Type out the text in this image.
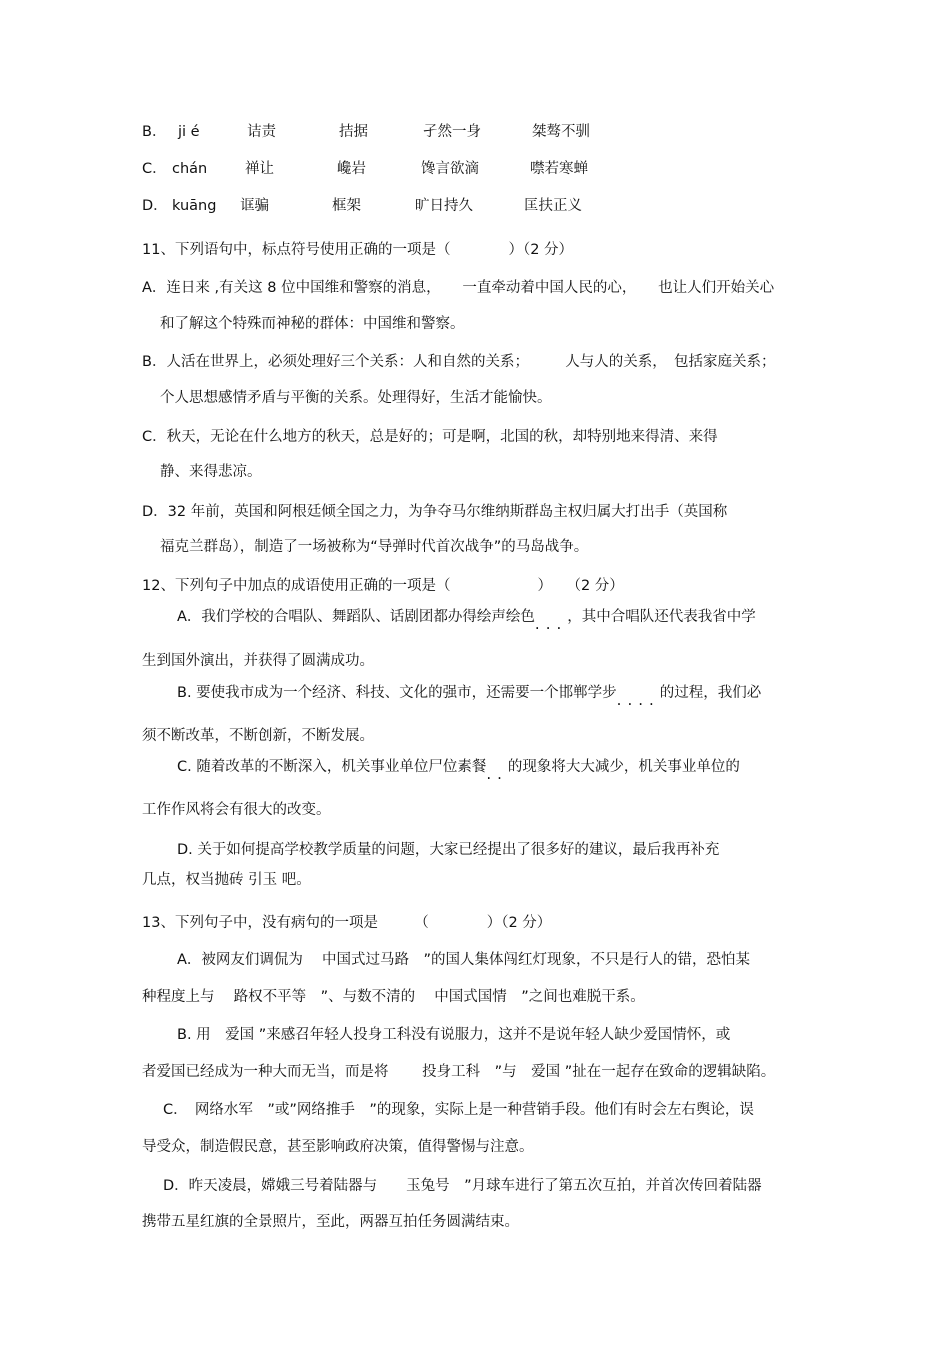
B． ji é	诘责	拮据	孑然一身	桀骜不驯
C． chán	禅让	巉岩	馋言欲滴	噤若寒蝉
D． kuāng 诓骗	框架	旷日持久	匡扶正义
11、下列语句中，标点符号使用正确的一项是（　　　　）（2 分）
A．连日来 ,有关这 8 位中国维和警察的消息，　　一直牵动着中国人民的心，　　也让人们开始关心
和了解这个特殊而神秘的群体：中国维和警察。
B．人活在世界上，必须处理好三个关系：人和自然的关系；　　　人与人的关系，　包括家庭关系；
个人思想感情矛盾与平衡的关系。处理得好，生活才能愉快。
C．秋天，无论在什么地方的秋天，总是好的；可是啊，北国的秋，却特别地来得清、来得
静、来得悲凉。
D．32 年前，英国和阿根廷倾全国之力，为争夺马尔维纳斯群岛主权归属大打出手（英国称
福克兰群岛），制造了一场被称为“导弹时代首次战争”的马岛战争。
12、下列句子中加点的成语使用正确的一项是（　　　　　　）　　（2 分）
A．我们学校的合唱队、舞蹈队、话剧团都办得绘声绘色...，其中合唱队还代表我省中学
生到国外演出，并获得了圆满成功。
B. 要使我市成为一个经济、科技、文化的强市，还需要一个邯郸学步....的过程，我们必
须不断改革，不断创新，不断发展。
C. 随着改革的不断深入，机关事业单位尸位素餐..的现象将大大减少，机关事业单位的
工作作风将会有很大的改变。
D. 关于如何提高学校教学质量的问题，大家已经提出了很多好的建议，最后我再补充
几点，权当抛砖 引玉 吧。
13、下列句子中，没有病句的一项是　　　（　　　　）（2 分）
A．被网友们调侃为　 中国式过马路　”的国人集体闯红灯现象，不只是行人的错，恐怕某
种程度上与　 路权不平等　”、与数不清的　 中国式国情　”之间也难脱干系。
B. 用　爱国 ”来感召年轻人投身工科没有说服力，这并不是说年轻人缺少爱国情怀，或
者爱国已经成为一种大而无当，而是将　　 投身工科　”与　爱国 ”扯在一起存在致命的逻辑缺陷。
C．　网络水军　”或”网络推手　”的现象，实际上是一种营销手段。他们有时会左右舆论，误
导受众，制造假民意，甚至影响政府决策，值得警惕与注意。
D．昨天凌晨，嫦娥三号着陆器与　　玉兔号　”月球车进行了第五次互拍，并首次传回着陆器
携带五星红旗的全景照片，至此，两器互拍任务圆满结束。
